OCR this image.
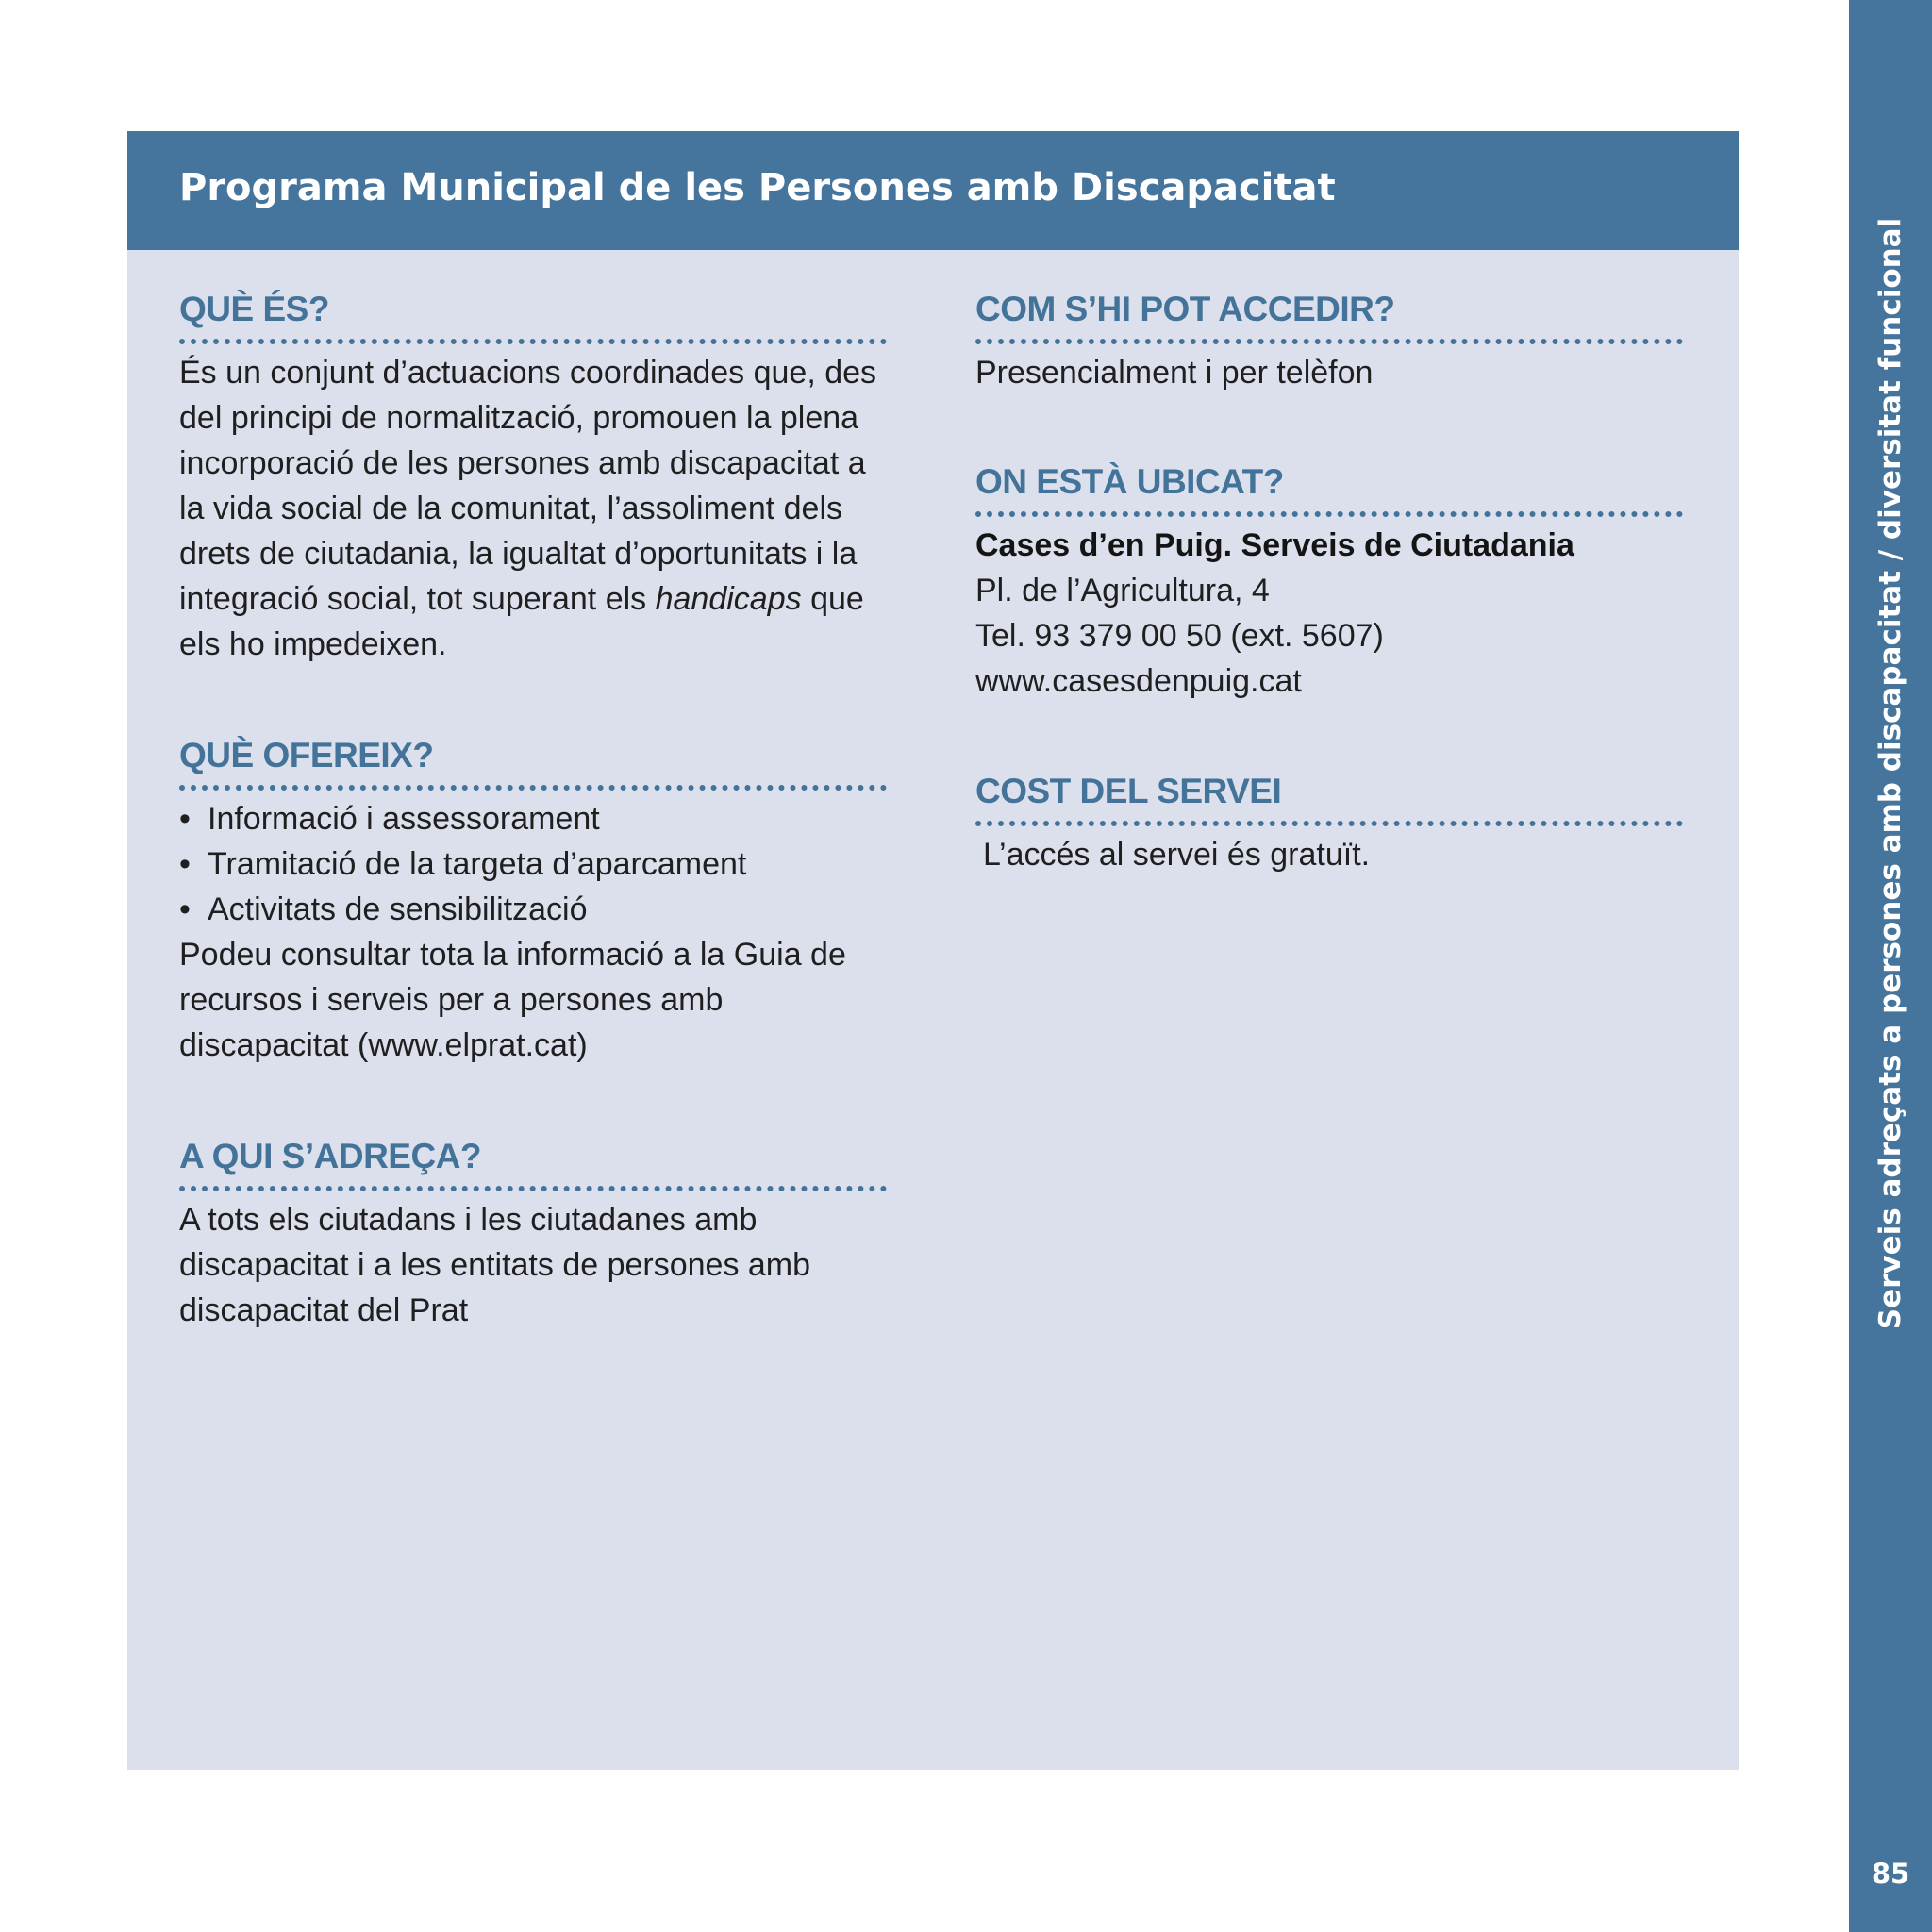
Programa Municipal de les Persones amb Discapacitat
QUÈ ÉS?

És un conjunt d’actuacions coordinades que, des del principi de normalització, promouen la plena incorporació de les persones amb discapacitat a la vida social de la comunitat, l’assoliment dels drets de ciutadania, la igualtat d’oportunitats i la integració social, tot superant els handicaps que els ho impedeixen.

QUÈ OFEREIX?
• Informació i assessorament
• Tramitació de la targeta d’aparcament
• Activitats de sensibilització

Podeu consultar tota la informació a la Guia de recursos i serveis per a persones amb discapacitat (www.elprat.cat)

A QUI S’ADREÇA?

A tots els ciutadans i les ciutadanes amb discapacitat i a les entitats de persones amb discapacitat del Prat

COM S’HI POT ACCEDIR?

Presencialment i per telèfon

ON ESTÀ UBICAT?

Cases d’en Puig. Serveis de Ciutadania

Pl. de l’Agricultura, 4

Tel. 93 379 00 50 (ext. 5607)

www.casesdenpuig.cat

COST DEL SERVEI

L’accés al servei és gratuït.	Serveis adreçats a persones amb discapacitat / diversitat funcional
85
